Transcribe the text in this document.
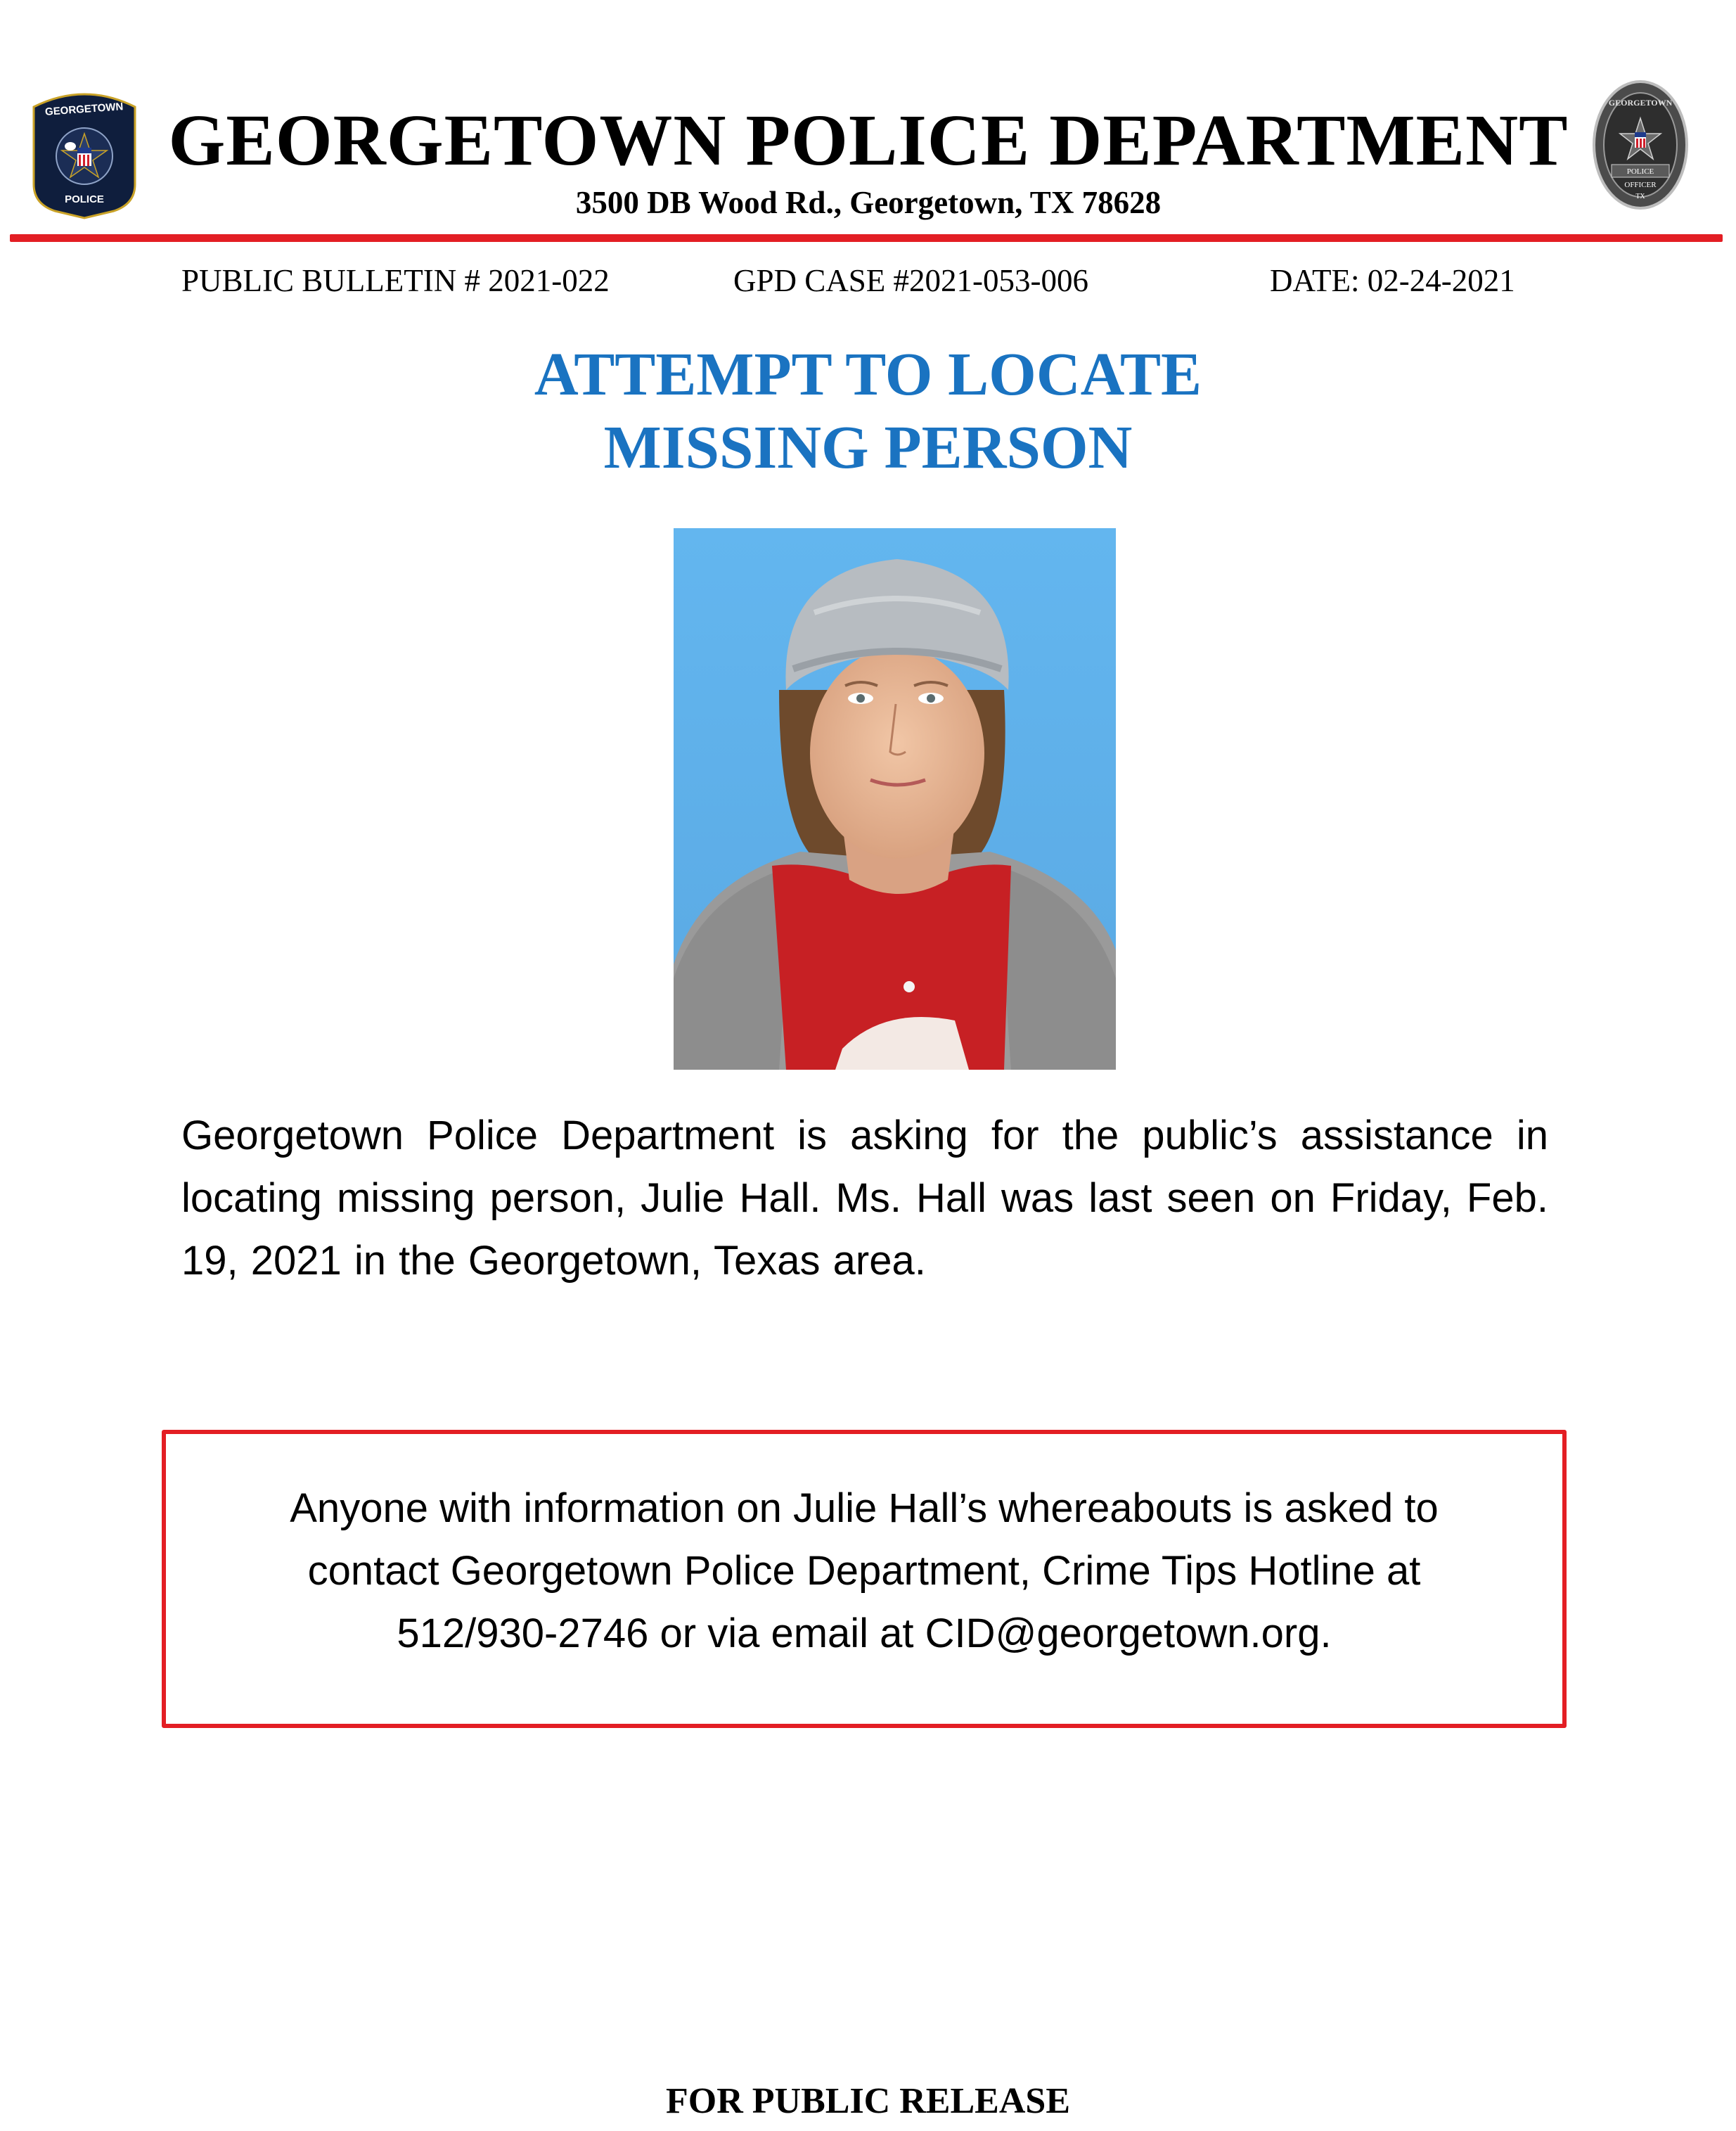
GEORGETOWN
POLICE
GEORGETOWN
POLICE
OFFICER
TX
GEORGETOWN POLICE DEPARTMENT
3500 DB Wood Rd., Georgetown, TX 78628
PUBLIC BULLETIN # 2021-022	GPD CASE #2021-053-006	DATE: 02-24-2021
ATTEMPT TO LOCATE
MISSING PERSON
Georgetown Police Department is asking for the public’s assistance in locating missing person, Julie Hall. Ms. Hall was last seen on Friday, Feb. 19, 2021 in the Georgetown, Texas area.
Anyone with information on Julie Hall’s whereabouts is asked to
contact Georgetown Police Department, Crime Tips Hotline at
512/930-2746 or via email at CID@georgetown.org.
FOR PUBLIC RELEASE
